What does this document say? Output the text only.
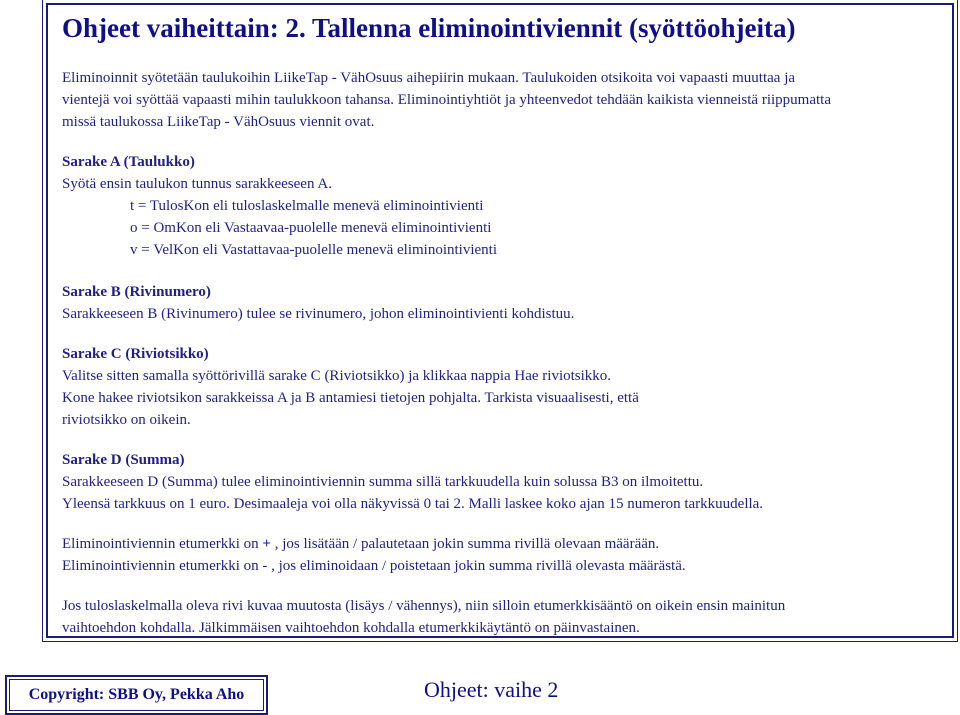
Ohjeet vaiheittain: 2. Tallenna eliminointiviennit (syöttöohjeita)

Eliminoinnit syötetään taulukoihin LiikeTap - VähOsuus aihepiirin mukaan. Taulukoiden otsikoita voi vapaasti muuttaa ja

vientejä voi syöttää vapaasti mihin taulukkoon tahansa. Eliminointiyhtiöt ja yhteenvedot tehdään kaikista vienneistä riippumatta

missä taulukossa LiikeTap - VähOsuus viennit ovat.

Sarake A (Taulukko)

Syötä ensin taulukon tunnus sarakkeeseen A.

t = TulosKon eli tuloslaskelmalle menevä eliminointivienti

o = OmKon eli Vastaavaa-puolelle menevä eliminointivienti

v = VelKon eli Vastattavaa-puolelle menevä eliminointivienti

Sarake B (Rivinumero)

Sarakkeeseen B (Rivinumero) tulee se rivinumero, johon eliminointivienti kohdistuu.

Sarake C (Riviotsikko)

Valitse sitten samalla syöttörivillä sarake C (Riviotsikko) ja klikkaa nappia Hae riviotsikko.

Kone hakee riviotsikon sarakkeissa A ja B antamiesi tietojen pohjalta. Tarkista visuaalisesti, että

riviotsikko on oikein.

Sarake D (Summa)

Sarakkeeseen D (Summa) tulee eliminointiviennin summa sillä tarkkuudella kuin solussa B3 on ilmoitettu.

Yleensä tarkkuus on 1 euro. Desimaaleja voi olla näkyvissä 0 tai 2. Malli laskee koko ajan 15 numeron tarkkuudella.

Eliminointiviennin etumerkki on + , jos lisätään / palautetaan jokin summa rivillä olevaan määrään.

Eliminointiviennin etumerkki on - , jos eliminoidaan / poistetaan jokin summa rivillä olevasta määrästä.

Jos tuloslaskelmalla oleva rivi kuvaa muutosta (lisäys / vähennys), niin silloin etumerkkisääntö on oikein ensin mainitun

vaihtoehdon kohdalla. Jälkimmäisen vaihtoehdon kohdalla etumerkkikäytäntö on päinvastainen.

Copyright: SBB Oy, Pekka Aho	Ohjeet: vaihe 2
